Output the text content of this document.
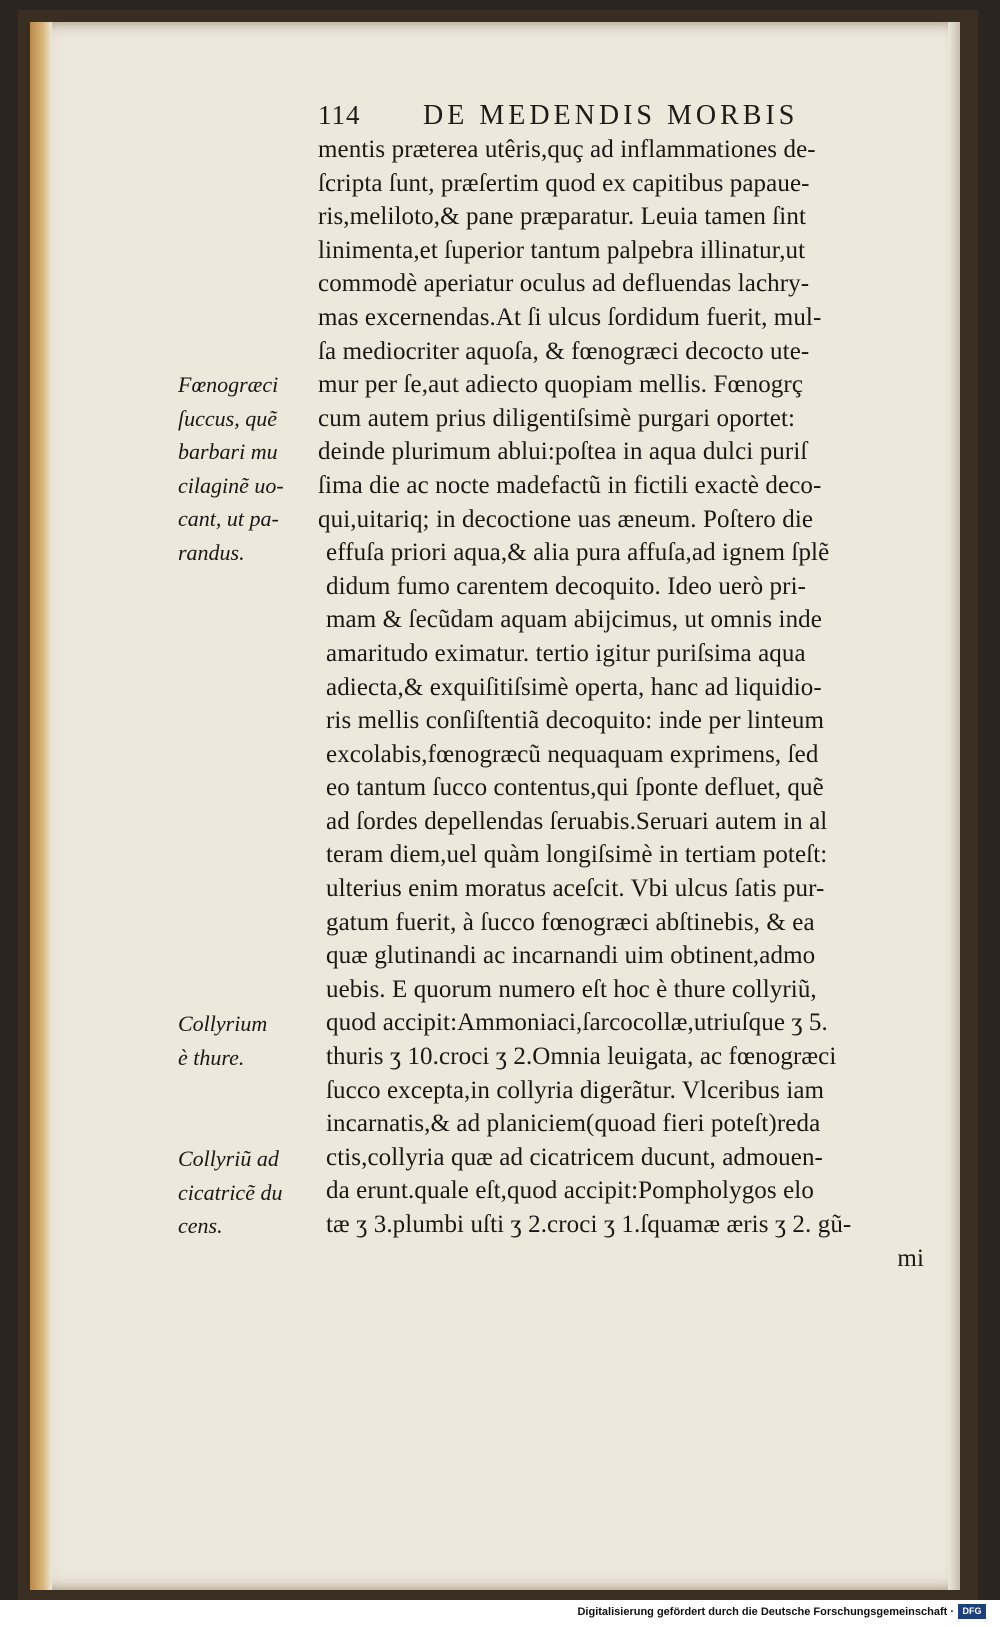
114 DE MEDENDIS MORBIS
mentis præterea utêris,quç ad inflammationes de-
ſcripta ſunt, præſertim quod ex capitibus papaue-
ris,meliloto,& pane præparatur. Leuia tamen ſint
linimenta,et ſuperior tantum palpebra illinatur,ut
commodè aperiatur oculus ad defluendas lachry-
mas excernendas.At ſi ulcus ſordidum fuerit, mul-
ſa mediocriter aquoſa, & fœnogræci decocto ute-
mur per ſe,aut adiecto quopiam mellis. Fœnogrç
cum autem prius diligentiſsimè purgari oportet:
deinde plurimum ablui:poſtea in aqua dulci puriſ
ſima die ac nocte madefactũ in fictili exactè deco-
qui,uitariq; in decoctione uas æneum. Poſtero die
effuſa priori aqua,& alia pura affuſa,ad ignem ſplẽ
didum fumo carentem decoquito. Ideo uerò pri-
mam & ſecũdam aquam abijcimus, ut omnis inde
amaritudo eximatur. tertio igitur puriſsima aqua
adiecta,& exquiſitiſsimè operta, hanc ad liquidio-
ris mellis conſiſtentiã decoquito: inde per linteum
excolabis,fœnogræcũ nequaquam exprimens, ſed
eo tantum ſucco contentus,qui ſponte defluet, quẽ
ad ſordes depellendas ſeruabis.Seruari autem in al
teram diem,uel quàm longiſsimè in tertiam poteſt:
ulterius enim moratus aceſcit. Vbi ulcus ſatis pur-
gatum fuerit, à ſucco fœnogræci abſtinebis, & ea
quæ glutinandi ac incarnandi uim obtinent,admo
uebis. E quorum numero eſt hoc è thure collyriũ,
quod accipit:Ammoniaci,ſarcocollæ,utriuſque ʒ 5.
thuris ʒ 10.croci ʒ 2.Omnia leuigata, ac fœnogræci
ſucco excepta,in collyria digerãtur. Vlceribus iam
incarnatis,& ad planiciem(quoad fieri poteſt)reda
ctis,collyria quæ ad cicatricem ducunt, admouen-
da erunt.quale eſt,quod accipit:Pompholygos elo
tæ ʒ 3.plumbi uſti ʒ 2.croci ʒ 1.ſquamæ æris ʒ 2. gũ-
mi
Fœnogræci
ſuccus, quẽ
barbari mu
cilaginẽ uo-
cant, ut pa-
randus.
Collyrium
è thure.
Collyriũ ad
cicatricẽ du
cens.
Digitalisierung gefördert durch die Deutsche Forschungsgemeinschaft · DFG
